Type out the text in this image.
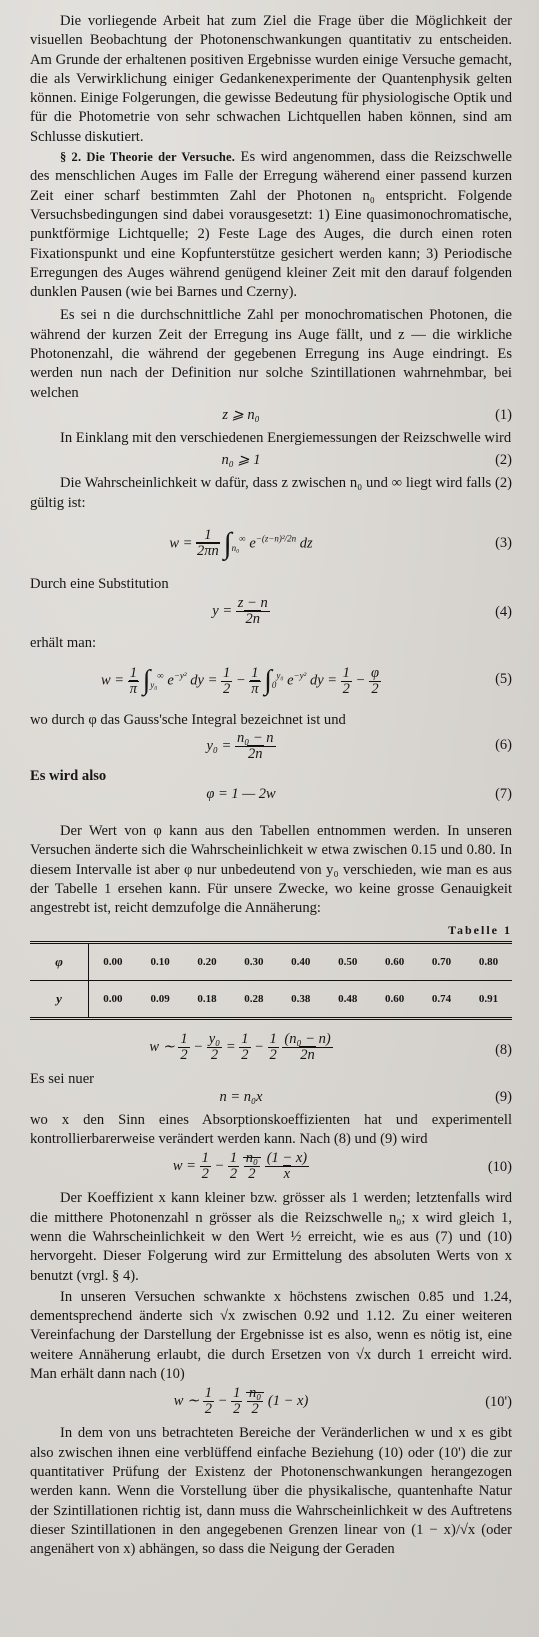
Die vorliegende Arbeit hat zum Ziel die Frage über die Möglichkeit der visuellen Beobachtung der Photonenschwankungen quantitativ zu entscheiden. Am Grunde der erhaltenen positiven Ergebnisse wurden einige Versuche gemacht, die als Verwirklichung einiger Gedankenexperimente der Quantenphysik gelten können. Einige Folgerungen, die gewisse Bedeutung für physiologische Optik und für die Photometrie von sehr schwachen Lichtquellen haben können, sind am Schlusse diskutiert.

§ 2. Die Theorie der Versuche. Es wird angenommen, dass die Reizschwelle des menschlichen Auges im Falle der Erregung wäherend einer passend kurzen Zeit einer scharf bestimmten Zahl der Photonen n₀ entspricht. Folgende Versuchsbedingungen sind dabei vorausgesetzt: 1) Eine quasimonochromatische, punktförmige Lichtquelle; 2) Feste Lage des Auges, die durch einen roten Fixationspunkt und eine Kopfunterstütze gesichert werden kann; 3) Periodische Erregungen des Auges während genügend kleiner Zeit mit den darauf folgenden dunklen Pausen (wie bei Barnes und Czerny).

Es sei n die durchschnittliche Zahl per monochromatischen Photonen, die während der kurzen Zeit der Erregung ins Auge fällt, und z — die wirkliche Photonenzahl, die während der gegebenen Erregung ins Auge eindringt. Es werden nun nach der Definition nur solche Szintillationen wahrnehmbar, bei welchen

z ⩾ n₀	(1)

In Einklang mit den verschiedenen Energiemessungen der Reizschwelle wird

n₀ ⩾ 1	(2)

Die Wahrscheinlichkeit w dafür, dass z zwischen n₀ und ∞ liegt wird falls (2) gültig ist:

$w = \frac{1}{2\pi n} \int_{n_0}^\infty$ $e^{-(z-n)^2/2n}$ dz	(3)

Durch eine Substitution

$y = \frac{z - n}{2n}$	(4)

erhält man:

$w = \frac{1}{\pi} \int_{y_0}^\infty$ $e^{-y^2}$ dy = $\frac{1}{2} - \frac{1}{\pi} \int_0^{y_0}$ $e^{-y^2}$ dy = $\frac{1}{2} - \frac{\varphi}{2}$	(5)

wo durch φ das Gauss'sche Integral bezeichnet ist und

$y_0 = \frac{\text{n₀ − n}}{2n}$	(6)

Es wird also

φ = 1 — 2w	(7)

Der Wert von φ kann aus den Tabellen entnommen werden. In unseren Versuchen änderte sich die Wahrscheinlichkeit w etwa zwischen 0.15 und 0.80. In diesem Intervalle ist aber φ nur unbedeutend von y₀ verschieden, wie man es aus der Tabelle 1 ersehen kann. Für unsere Zwecke, wo keine grosse Genauigkeit angestrebt ist, reicht demzufolge die Annäherung:

Tabelle 1
φ	0.00	0.10	0.20	0.30	0.40	0.50	0.60	0.70	0.80
y	0.00	0.09	0.18	0.28	0.38	0.48	0.60	0.74	0.91
w ∼ $\frac{1}{2} - \frac{\text{y₀}}{2} = \frac{1}{2} - \frac{1}{2}$
$\frac{\text{(n₀ − n)}}{2n}$	(8)

Es sei nuer

n = n₀x	(9)

wo x den Sinn eines Absorptionskoeffizienten hat und experimentell kontrollierbarerweise verändert werden kann. Nach (8) und (9) wird

$w = \frac{1}{2} - \frac{1}{2}$
$\frac{\text{n₀}}{2}$
$\frac{(1 - x)}{x}$	(10)

Der Koeffizient x kann kleiner bzw. grösser als 1 werden; letztenfalls wird die mitthere Photonenzahl n grösser als die Reizschwelle n₀; x wird gleich 1, wenn die Wahrscheinlichkeit w den Wert ½ erreicht, wie es aus (7) und (10) hervorgeht. Dieser Folgerung wird zur Ermittelung des absoluten Werts von x benutzt (vrgl. § 4).

In unseren Versuchen schwankte x höchstens zwischen 0.85 und 1.24, dementsprechend änderte sich √x zwischen 0.92 und 1.12. Zu einer weiteren Vereinfachung der Darstellung der Ergebnisse ist es also, wenn es nötig ist, eine weitere Annäherung erlaubt, die durch Ersetzen von √x durch 1 erreicht wird. Man erhält dann nach (10)

w ∼ $\frac{1}{2} - \frac{1}{2}$
$\frac{\text{n₀}}{2} (1 - x)$	(10')

In dem von uns betrachteten Bereiche der Veränderlichen w und x es gibt also zwischen ihnen eine verblüffend einfache Beziehung (10) oder (10') die zur quantitativer Prüfung der Existenz der Photonenschwankungen herangezogen werden kann. Wenn die Vorstellung über die physikalische, quantenhafte Natur der Szintillationen richtig ist, dann muss die Wahrscheinlichkeit w des Auftretens dieser Szintillationen in den angegebenen Grenzen linear von (1 − x)/√x (oder angenähert von x) abhängen, so dass die Neigung der Geraden
